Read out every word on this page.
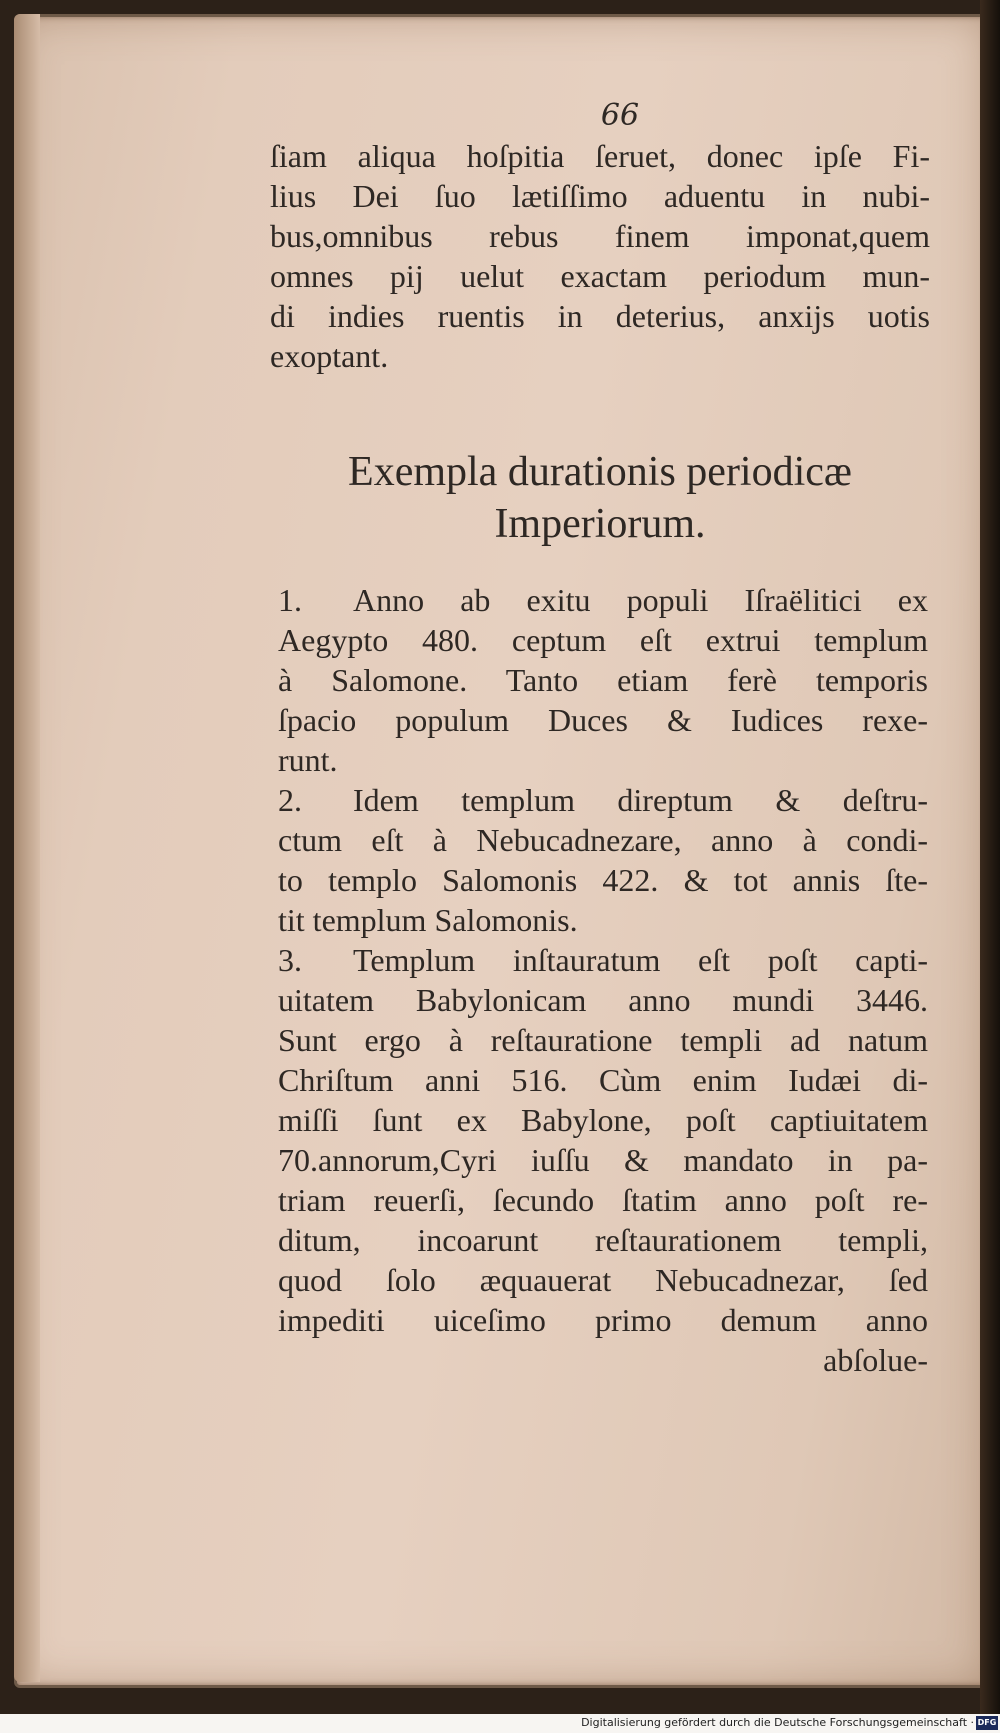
66
ſiam aliqua hoſpitia ſeruet, donec ipſe Fi-
lius Dei ſuo lætiſſimo aduentu in nubi-
bus,omnibus rebus finem imponat,quem
omnes pij uelut exactam periodum mun-
di indies ruentis in deterius, anxijs uotis
exoptant.
Exempla durationis periodicæ
Imperiorum.
1. Anno ab exitu populi Iſraëlitici ex
Aegypto 480. ceptum eſt extrui templum
à Salomone. Tanto etiam ferè temporis
ſpacio populum Duces & Iudices rexe-
runt.
2. Idem templum direptum & deſtru-
ctum eſt à Nebucadnezare, anno à condi-
to templo Salomonis 422. & tot annis ſte-
tit templum Salomonis.
3. Templum inſtauratum eſt poſt capti-
uitatem Babylonicam anno mundi 3446.
Sunt ergo à reſtauratione templi ad natum
Chriſtum anni 516. Cùm enim Iudæi di-
miſſi ſunt ex Babylone, poſt captiuitatem
70.annorum,Cyri iuſſu & mandato in pa-
triam reuerſi, ſecundo ſtatim anno poſt re-
ditum, incoarunt reſtaurationem templi,
quod ſolo æquauerat Nebucadnezar, ſed
impediti uiceſimo primo demum anno
abſolue-
Digitalisierung gefördert durch die Deutsche Forschungsgemeinschaft · DFG
